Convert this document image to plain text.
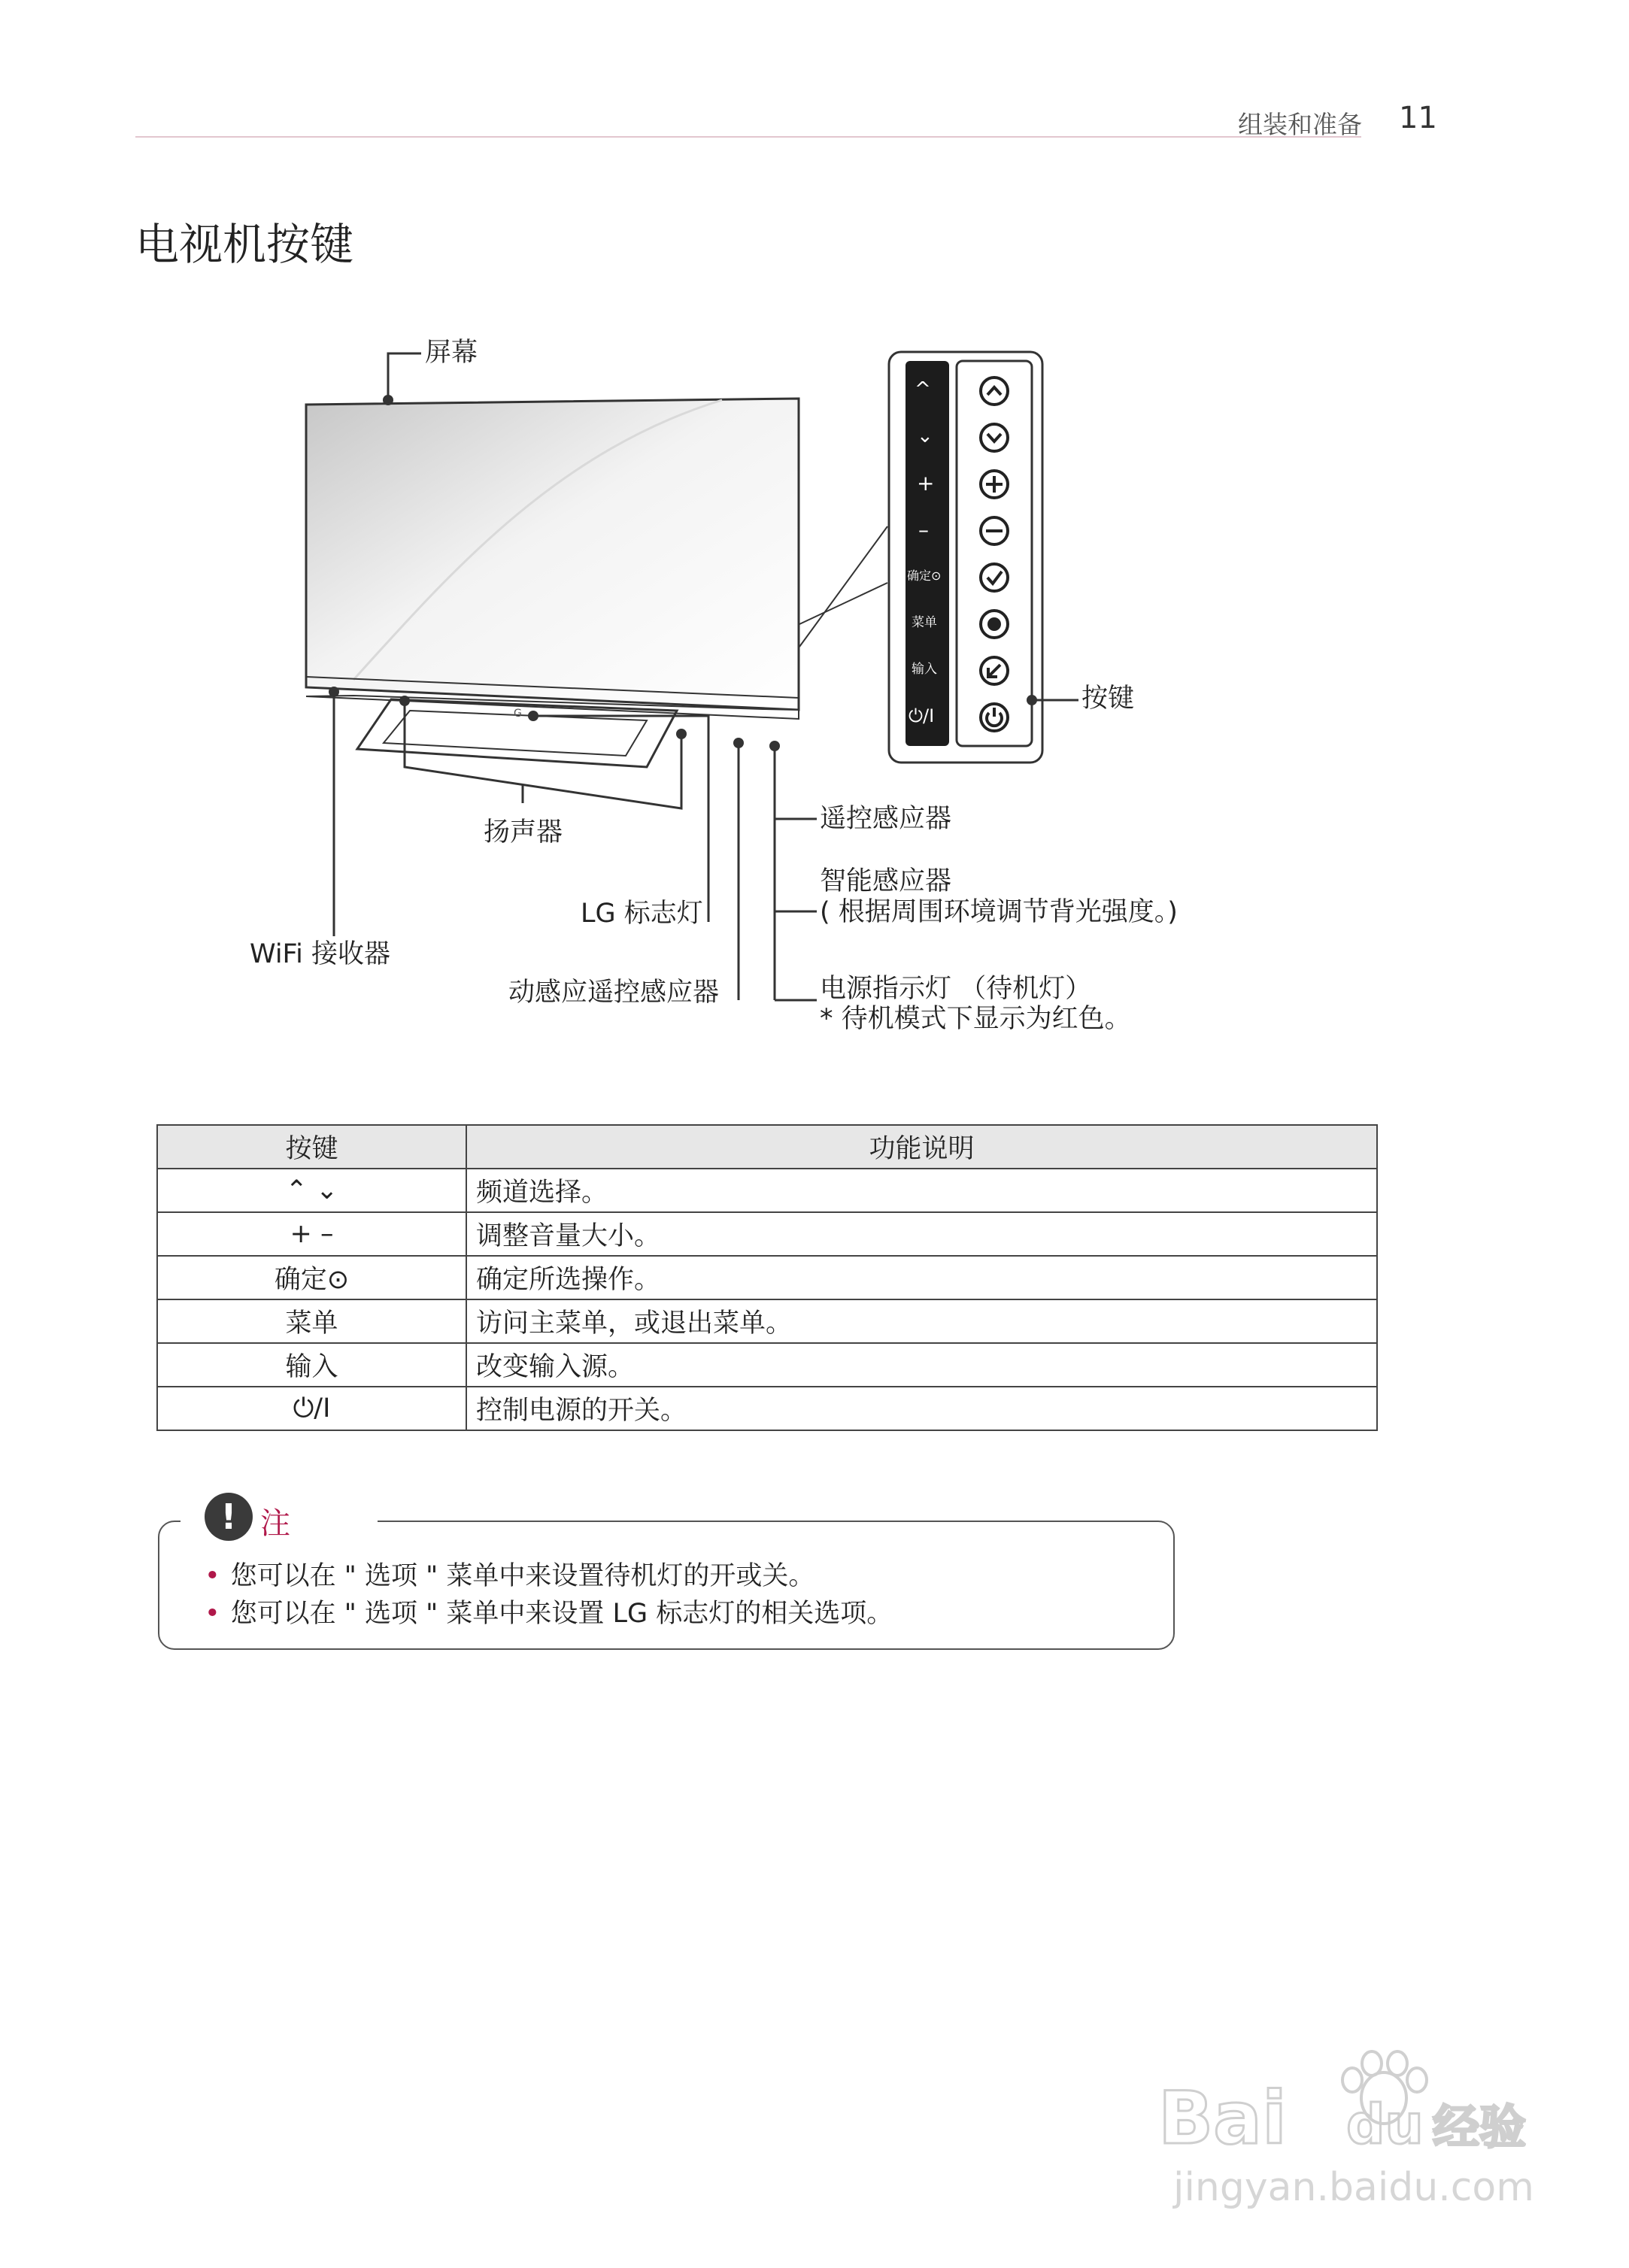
组装和准备 11
电视机按键
G
^
⌄
+
–
确定⊙
菜单
输入
⏻/I
屏幕
按键
扬声器	遥控感应器
智能感应器
( 根据周围环境调节背光强度。)
LG 标志灯
WiFi 接收器
动感应遥控感应器	电源指示灯 （待机灯）
* 待机模式下显示为红色。
按键	功能说明
⌃ ⌄	频道选择。
+ –	调整音量大小。
确定⊙	确定所选操作。
菜单	访问主菜单，或退出菜单。
输入	改变输入源。
⏻/I	控制电源的开关。
! 注
• 您可以在 " 选项 " 菜单中来设置待机灯的开或关。
• 您可以在 " 选项 " 菜单中来设置 LG 标志灯的相关选项。
Bai du 经验
jingyan.baidu.com
